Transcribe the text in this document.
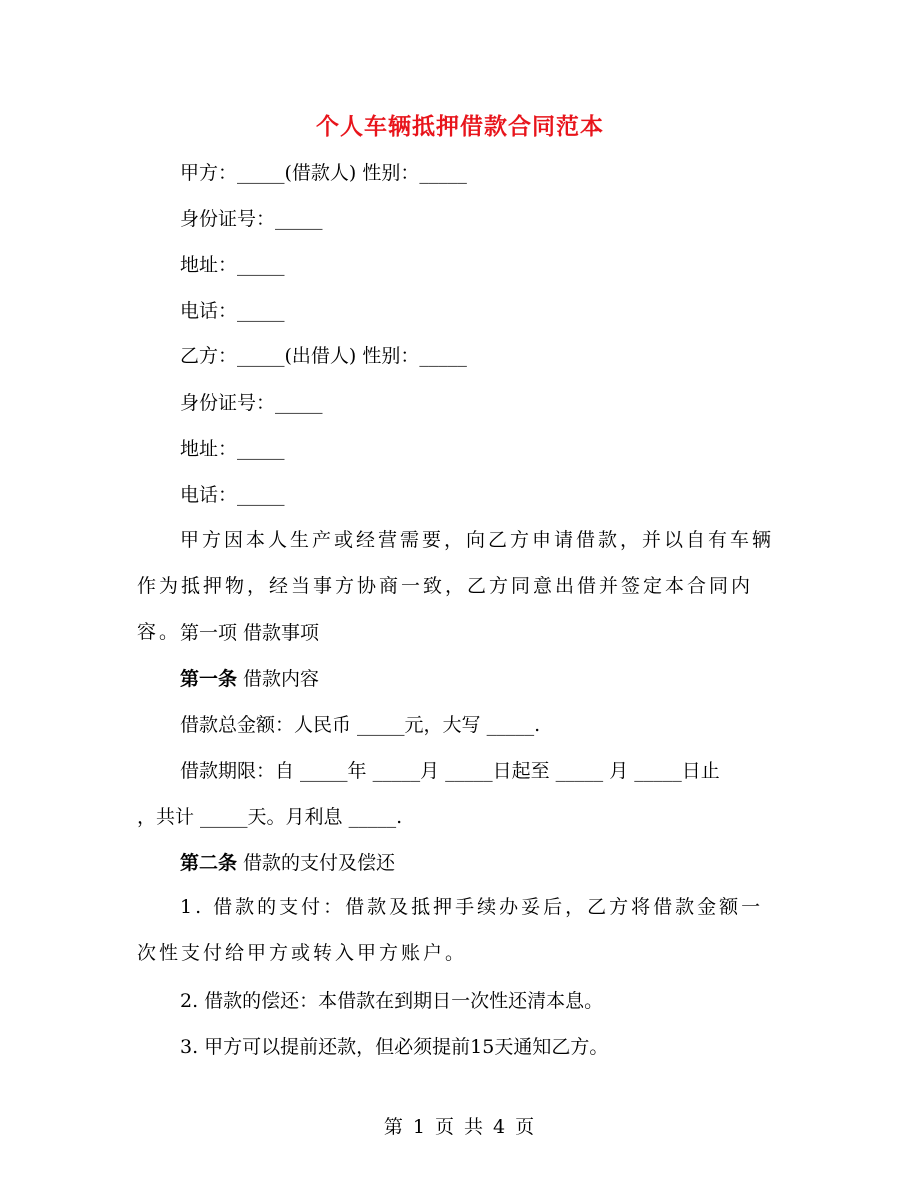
个人车辆抵押借款合同范本
甲方：_____(借款人) 性别：_____
身份证号：_____
地址：_____
电话：_____
乙方：_____(出借人) 性别：_____
身份证号：_____
地址：_____
电话：_____
甲方因本人生产或经营需要，向乙方申请借款，并以自有车辆作为抵押物，经当事方协商一致，乙方同意出借并签定本合同内容。
第一项 借款事项
第一条 借款内容
借款总金额：人民币 _____元，大写 _____.
借款期限：自 _____年 _____月 _____日起至 _____ 月 _____日止
，共计 _____天。月利息 _____.
第二条 借款的支付及偿还
1. 借款的支付：借款及抵押手续办妥后，乙方将借款金额一次性支付给甲方或转入甲方账户。
2. 借款的偿还：本借款在到期日一次性还清本息。
3. 甲方可以提前还款，但必须提前15天通知乙方。
第 1 页 共 4 页
